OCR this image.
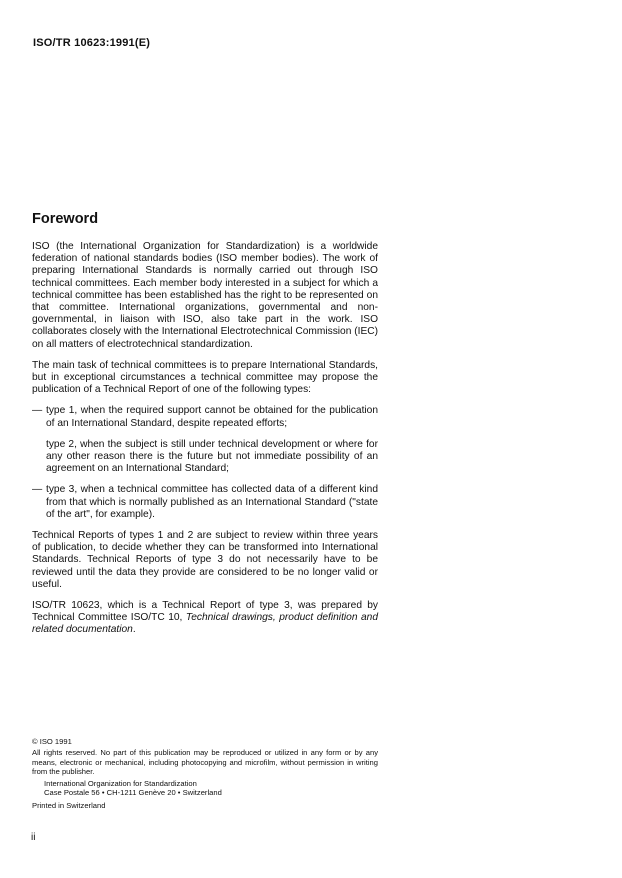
ISO/TR 10623:1991(E)
Foreword

ISO (the International Organization for Standardization) is a worldwide federation of national standards bodies (ISO member bodies). The work of preparing International Standards is normally carried out through ISO technical committees. Each member body interested in a subject for which a technical committee has been established has the right to be represented on that committee. International organizations, governmental and non-governmental, in liaison with ISO, also take part in the work. ISO collaborates closely with the International Electrotechnical Commission (IEC) on all matters of electrotechnical standardization.

The main task of technical committees is to prepare International Standards, but in exceptional circumstances a technical committee may propose the publication of a Technical Report of one of the following types:

— type 1, when the required support cannot be obtained for the publication of an International Standard, despite repeated efforts;
type 2, when the subject is still under technical development or where for any other reason there is the future but not immediate possibility of an agreement on an International Standard;
— type 3, when a technical committee has collected data of a different kind from that which is normally published as an International Standard ("state of the art", for example).

Technical Reports of types 1 and 2 are subject to review within three years of publication, to decide whether they can be transformed into International Standards. Technical Reports of type 3 do not necessarily have to be reviewed until the data they provide are considered to be no longer valid or useful.

ISO/TR 10623, which is a Technical Report of type 3, was prepared by Technical Committee ISO/TC 10, Technical drawings, product definition and related documentation.

© ISO 1991
All rights reserved. No part of this publication may be reproduced or utilized in any form or by any means, electronic or mechanical, including photocopying and microfilm, without permission in writing from the publisher.
International Organization for Standardization
Case Postale 56 • CH-1211 Genève 20 • Switzerland
Printed in Switzerland
ii
